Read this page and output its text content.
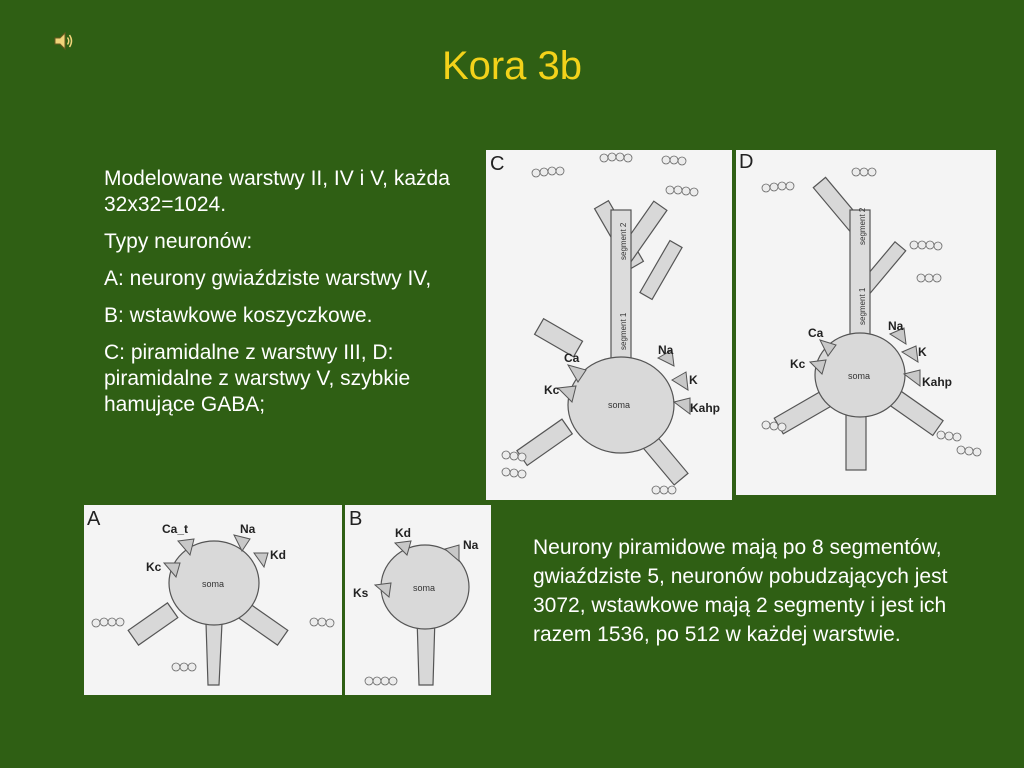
Kora 3b

Modelowane warstwy II, IV i V, każda 32x32=1024.

Typy neuronów:

A: neurony gwiaździste warstwy IV,

B: wstawkowe koszyczkowe.

C: piramidalne z warstwy III, D: piramidalne z warstwy V, szybkie hamujące GABA;

Neurony piramidowe mają po 8 segmentów, gwiaździste 5, neuronów pobudzających jest 3072, wstawkowe mają 2 segmenty i jest ich razem 1536, po 512 w każdej warstwie.
C
segment 2
segment 1
soma
Ca
Na
Kc
K
Kahp
D
segment 2
segment 1
soma
Ca	Na
Kc
K
Kahp
A
soma
Ca_t	Na
Kc
Kd
B
soma
Kd
Na
Ks
